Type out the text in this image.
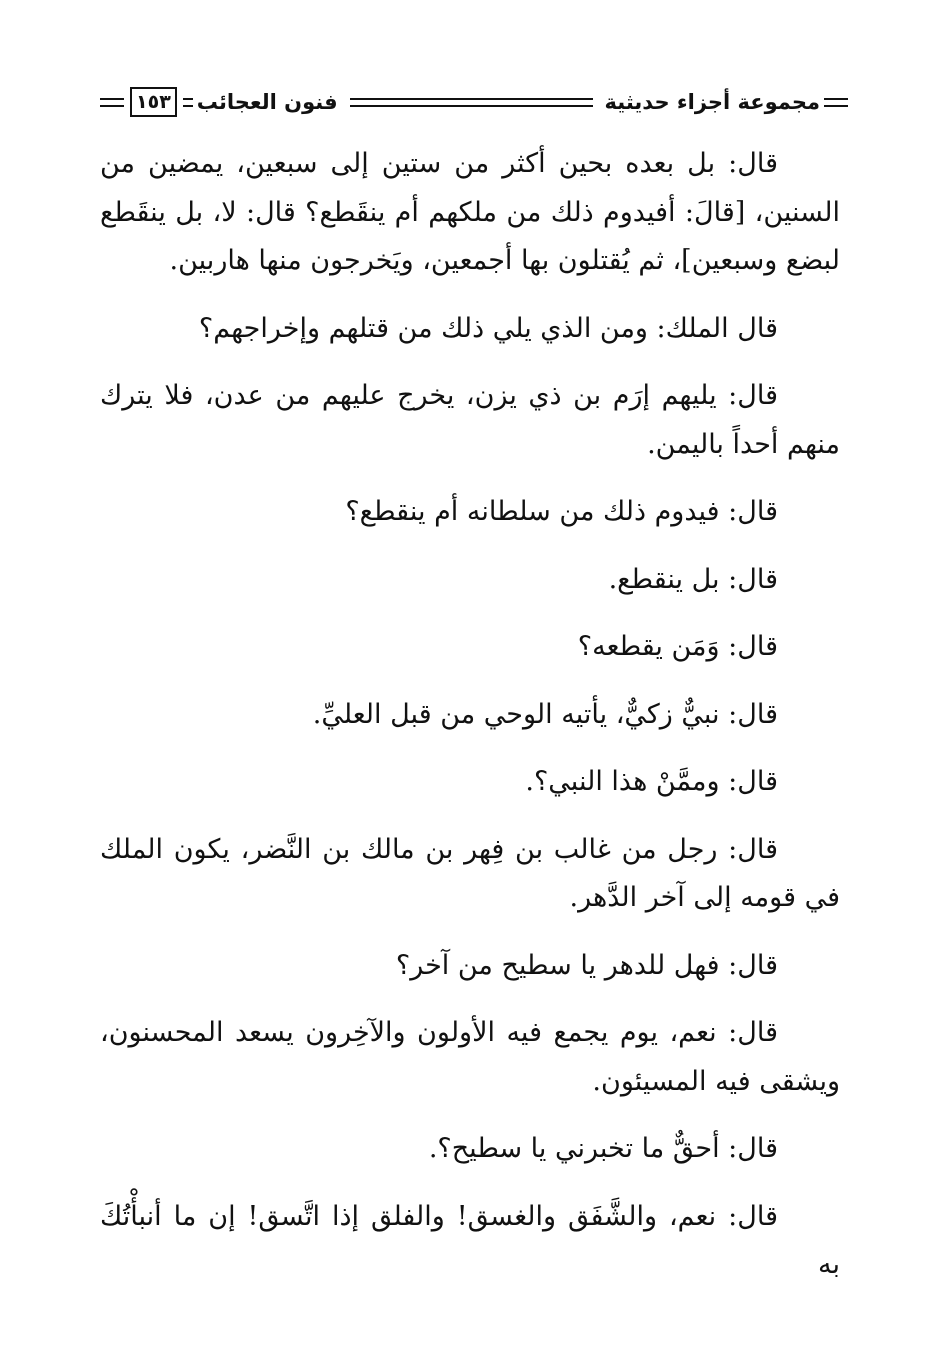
مجموعة أجزاء حديثية
فنون العجائب
١٥٣

قال: بل بعده بحين أكثر من ستين إلى سبعين، يمضين من السنين، [قالَ: أفيدوم ذلك من ملكهم أم ينقَطع؟ قال: لا، بل ينقَطع لبضع وسبعين]، ثم يُقتلون بها أجمعين، ويَخرجون منها هاربين.

قال الملك: ومن الذي يلي ذلك من قتلهم وإخراجهم؟

قال: يليهم إرَم بن ذي يزن، يخرج عليهم من عدن، فلا يترك منهم أحداً باليمن.

قال: فيدوم ذلك من سلطانه أم ينقطع؟

قال: بل ينقطع.

قال: وَمَن يقطعه؟

قال: نبيٌّ زكيٌّ، يأتيه الوحي من قبل العليِّ.

قال: وممَّنْ هذا النبي؟.

قال: رجل من غالب بن فِهر بن مالك بن النَّضر، يكون الملك في قومه إلى آخر الدَّهر.

قال: فهل للدهر يا سطيح من آخر؟

قال: نعم، يوم يجمع فيه الأولون والآخِرون يسعد المحسنون، ويشقى فيه المسيئون.

قال: أحقٌّ ما تخبرني يا سطيح؟.

قال: نعم، والشَّفَق والغسق! والفلق إذا اتَّسق! إن ما أنبأْتُكَ به
